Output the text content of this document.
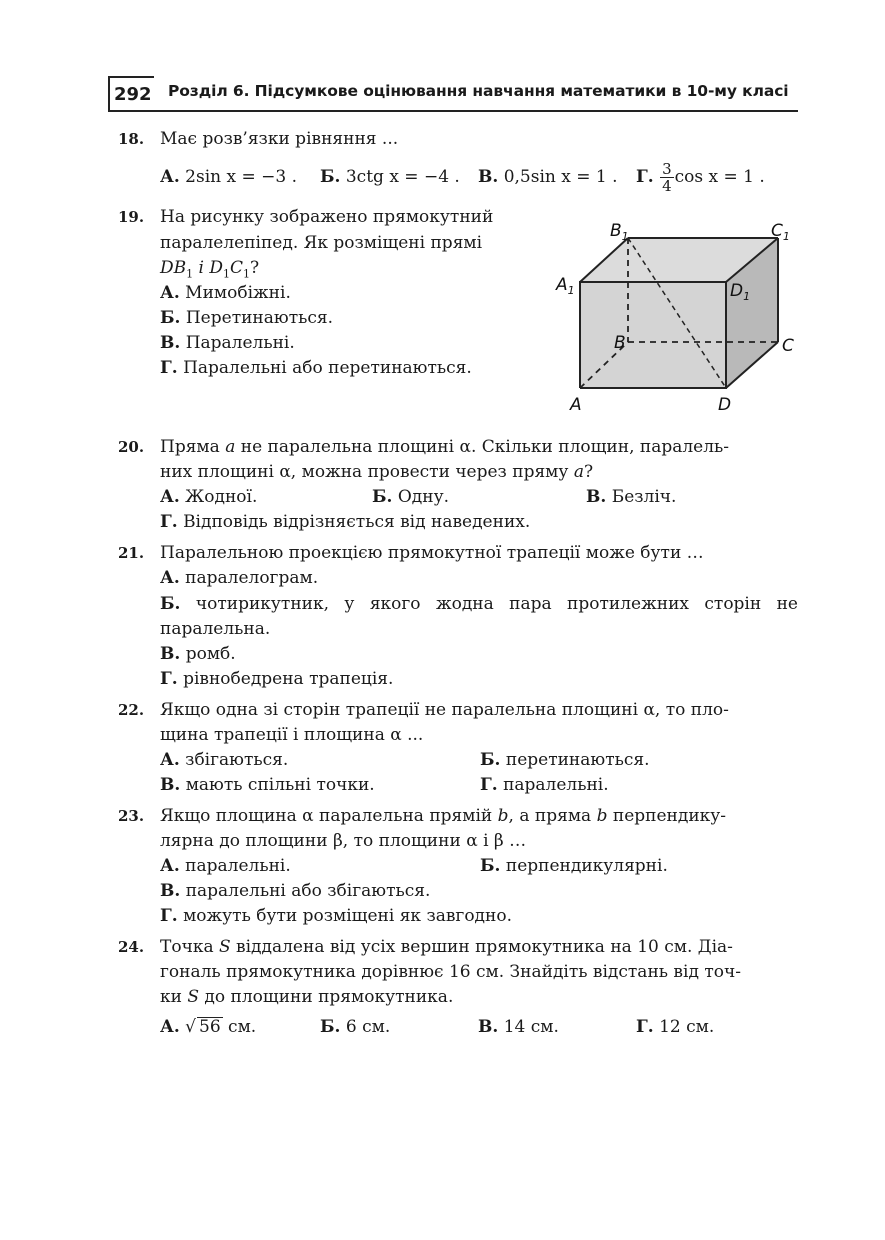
292 Розділ 6. Підсумкове оцінювання навчання математики в 10-му класі
18. Має розв’язки рівняння ...
А. 2sin x = −3 . Б. 3ctg x = −4 . В. 0,5sin x = 1 . Г. $\frac{3}{4}$ cos x = 1 .
19. На рисунку зображено прямокутний
паралелепіпед. Як розміщені прямі
$DB_1$ і $D_1C_1$?
А. Мимобіжні.
Б. Перетинаються.
В. Паралельні.
Г. Паралельні або перетинаються.
$B_1$	$C_1$
$A_1$	$D_1$
B	C
A	D
20. Пряма a не паралельна площині α. Скільки площин, паралель-
них площині α, можна провести через пряму a?
А. Жодної.	Б. Одну.	В. Безліч.
Г. Відповідь відрізняється від наведених.
21. Паралельною проекцією прямокутної трапеції може бути …
А. паралелограм.
Б. чотирикутник, у якого жодна пара протилежних сторін не
паралельна.
В. ромб.
Г. рівнобедрена трапеція.
22. Якщо одна зі сторін трапеції не паралельна площині α, то пло-
щина трапеції і площина α ...
А. збігаються.	Б. перетинаються.
В. мають спільні точки.	Г. паралельні.
23. Якщо площина α паралельна прямій b, а пряма b перпендику-
лярна до площини β, то площини α і β …
А. паралельні.	Б. перпендикулярні.
В. паралельні або збігаються.
Г. можуть бути розміщені як завгодно.
24. Точка S віддалена від усіх вершин прямокутника на 10 см. Діа-
гональ прямокутника дорівнює 16 см. Знайдіть відстань від точ-
ки S до площини прямокутника.
А. √ 56 см.	Б. 6 см.	В. 14 см.	Г. 12 см.
